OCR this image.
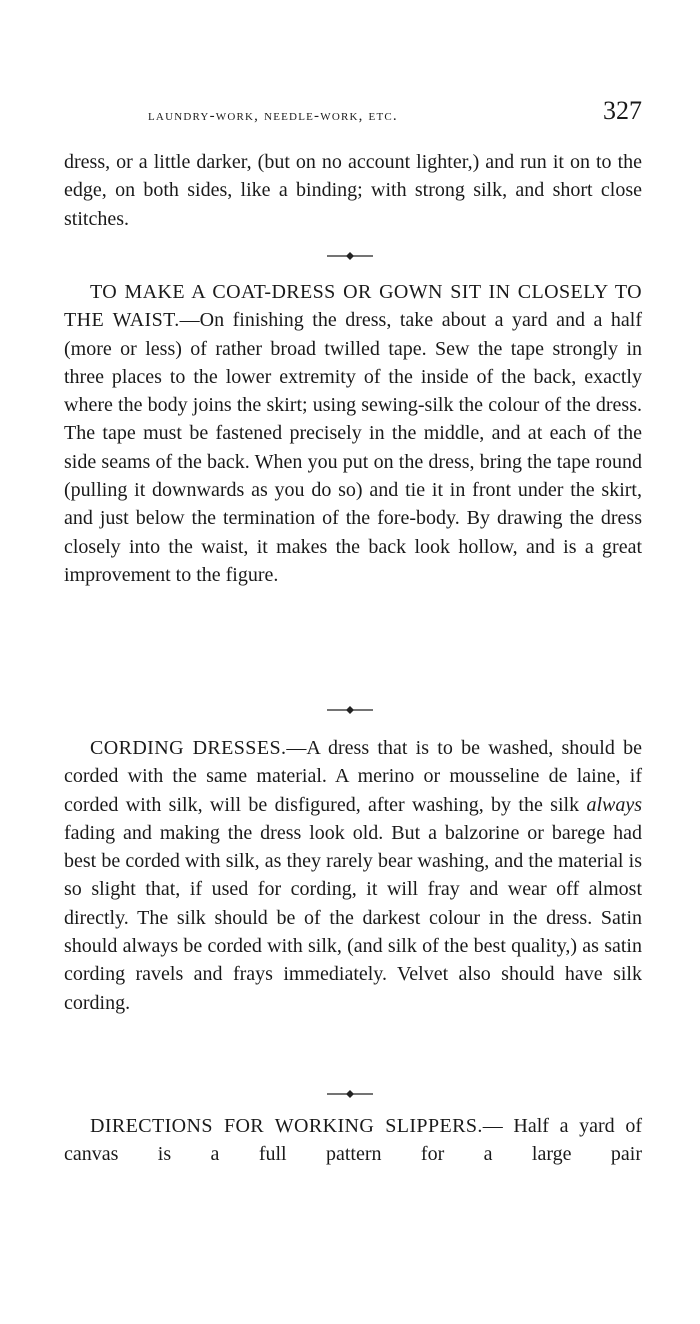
laundry-work, needle-work, etc.	327

dress, or a little darker, (but on no account lighter,) and run it on to the edge, on both sides, like a binding; with strong silk, and short close stitches.

TO MAKE A COAT-DRESS OR GOWN SIT IN CLOSELY TO THE WAIST.—On finishing the dress, take about a yard and a half (more or less) of rather broad twilled tape. Sew the tape strongly in three places to the lower extremity of the inside of the back, exactly where the body joins the skirt; using sewing-silk the colour of the dress. The tape must be fastened precisely in the middle, and at each of the side seams of the back. When you put on the dress, bring the tape round (pulling it downwards as you do so) and tie it in front under the skirt, and just below the termination of the fore-body. By drawing the dress closely into the waist, it makes the back look hollow, and is a great improvement to the figure.

CORDING DRESSES.—A dress that is to be washed, should be corded with the same material. A merino or mousseline de laine, if corded with silk, will be disfigured, after washing, by the silk always fading and making the dress look old. But a balzorine or barege had best be corded with silk, as they rarely bear washing, and the material is so slight that, if used for cording, it will fray and wear off almost directly. The silk should be of the darkest colour in the dress. Satin should always be corded with silk, (and silk of the best quality,) as satin cording ravels and frays immediately. Velvet also should have silk cording.

DIRECTIONS FOR WORKING SLIPPERS.— Half a yard of canvas is a full pattern for a large pair
